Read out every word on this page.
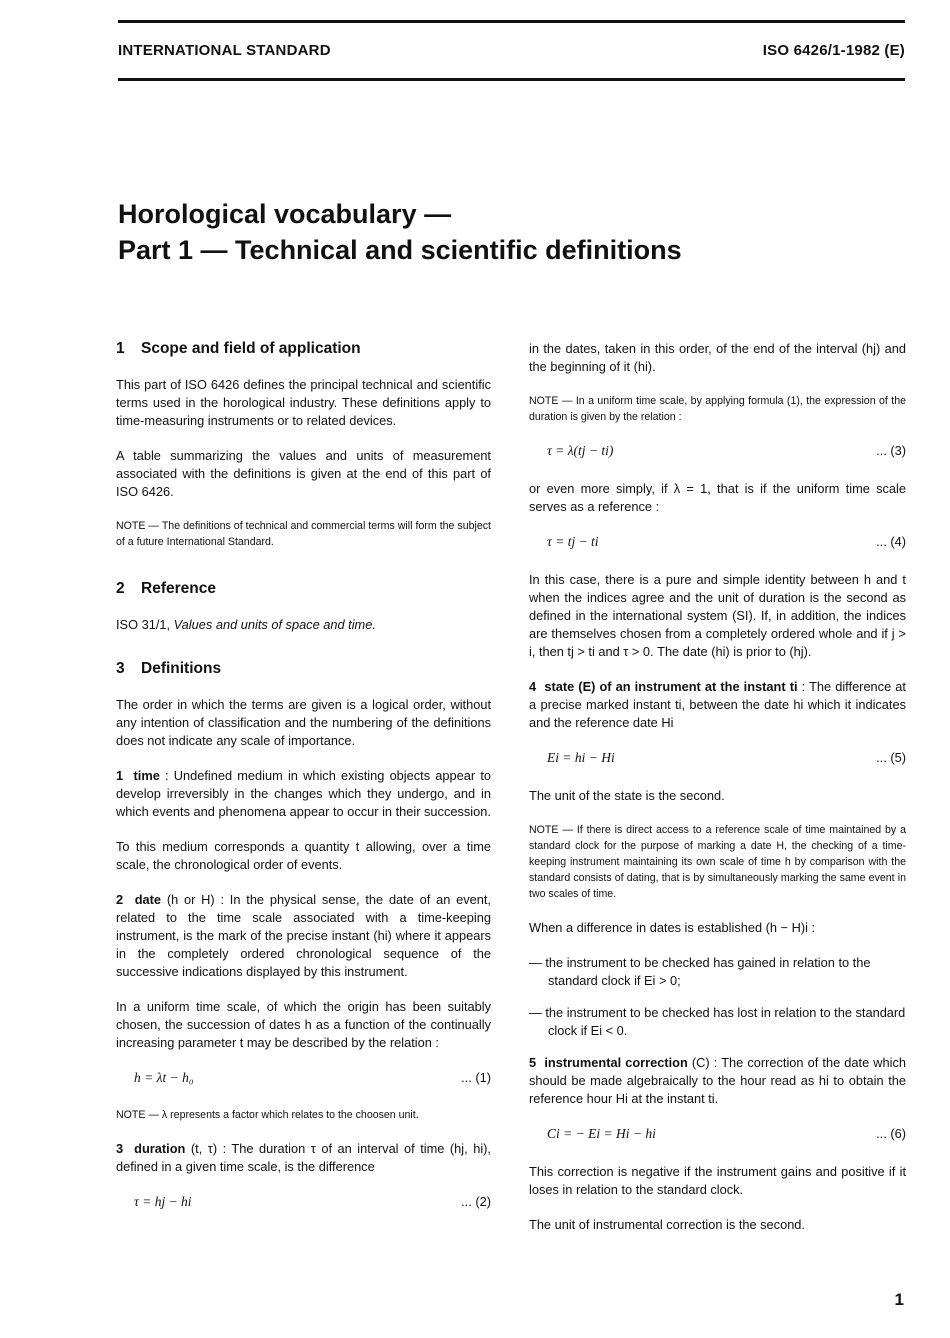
INTERNATIONAL STANDARD	ISO 6426/1-1982 (E)
Horological vocabulary —
Part 1 — Technical and scientific definitions
1 Scope and field of application

This part of ISO 6426 defines the principal technical and scientific terms used in the horological industry. These definitions apply to time-measuring instruments or to related devices.

A table summarizing the values and units of measurement associated with the definitions is given at the end of this part of ISO 6426.

NOTE — The definitions of technical and commercial terms will form the subject of a future International Standard.
2 Reference

ISO 31/1, Values and units of space and time.

3 Definitions

The order in which the terms are given is a logical order, without any intention of classification and the numbering of the definitions does not indicate any scale of importance.

1 time : Undefined medium in which existing objects appear to develop irreversibly in the changes which they undergo, and in which events and phenomena appear to occur in their succession.

To this medium corresponds a quantity t allowing, over a time scale, the chronological order of events.

2 date (h or H) : In the physical sense, the date of an event, related to the time scale associated with a time-keeping instrument, is the mark of the precise instant (hi) where it appears in the completely ordered chronological sequence of the successive indications displayed by this instrument.

In a uniform time scale, of which the origin has been suitably chosen, the succession of dates h as a function of the continually increasing parameter t may be described by the relation :

h = λt − h₀	... (1)
NOTE — λ represents a factor which relates to the choosen unit.

3 duration (t, τ) : The duration τ of an interval of time (hj, hi), defined in a given time scale, is the difference

τ = hj − hi	... (2)

in the dates, taken in this order, of the end of the interval (hj) and the beginning of it (hi).

NOTE — In a uniform time scale, by applying formula (1), the expression of the duration is given by the relation :
τ = λ(tj − ti)	... (3)

or even more simply, if λ = 1, that is if the uniform time scale serves as a reference :

τ = tj − ti	... (4)

In this case, there is a pure and simple identity between h and t when the indices agree and the unit of duration is the second as defined in the international system (SI). If, in addition, the indices are themselves chosen from a completely ordered whole and if j > i, then tj > ti and τ > 0. The date (hi) is prior to (hj).

4 state (E) of an instrument at the instant ti : The difference at a precise marked instant ti, between the date hi which it indicates and the reference date Hi

Ei = hi − Hi	... (5)

The unit of the state is the second.

NOTE — If there is direct access to a reference scale of time maintained by a standard clock for the purpose of marking a date H, the checking of a time-keeping instrument maintaining its own scale of time h by comparison with the standard consists of dating, that is by simultaneously marking the same event in two scales of time.

When a difference in dates is established (h − H)i :

— the instrument to be checked has gained in relation to the standard clock if Ei > 0;

— the instrument to be checked has lost in relation to the standard clock if Ei < 0.

5 instrumental correction (C) : The correction of the date which should be made algebraically to the hour read as hi to obtain the reference hour Hi at the instant ti.

Ci = − Ei = Hi − hi	... (6)

This correction is negative if the instrument gains and positive if it loses in relation to the standard clock.

The unit of instrumental correction is the second.

1
